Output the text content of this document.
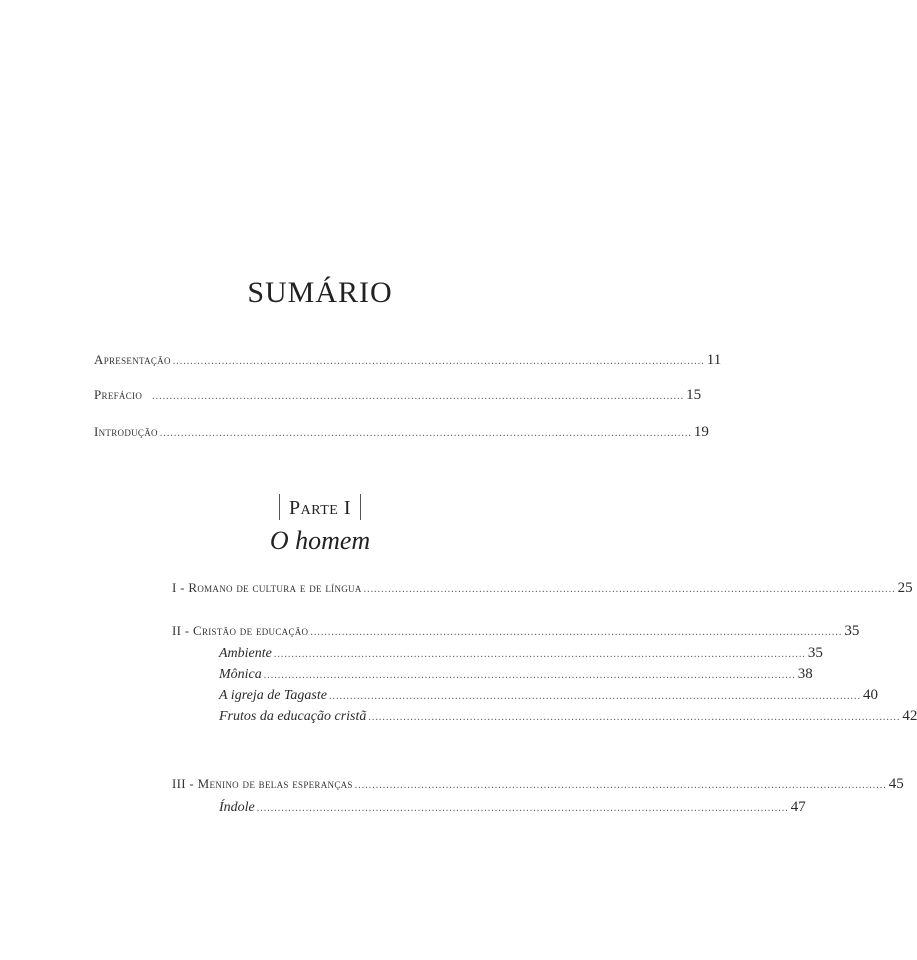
SUMÁRIO
Apresentação ........................................................................................................................................................ 11
Prefácio ........................................................................................................................................................ 15
Introdução ........................................................................................................................................................ 19
Parte I
O homem
I - Romano de cultura e de língua ........................................................................................................................................................ 25
II - Cristão de educação ........................................................................................................................................................ 35
Ambiente ........................................................................................................................................................ 35
Mônica ........................................................................................................................................................ 38
A igreja de Tagaste ........................................................................................................................................................ 40
Frutos da educação cristã ........................................................................................................................................................ 42
III - Menino de belas esperanças ........................................................................................................................................................ 45
Índole ........................................................................................................................................................ 47
